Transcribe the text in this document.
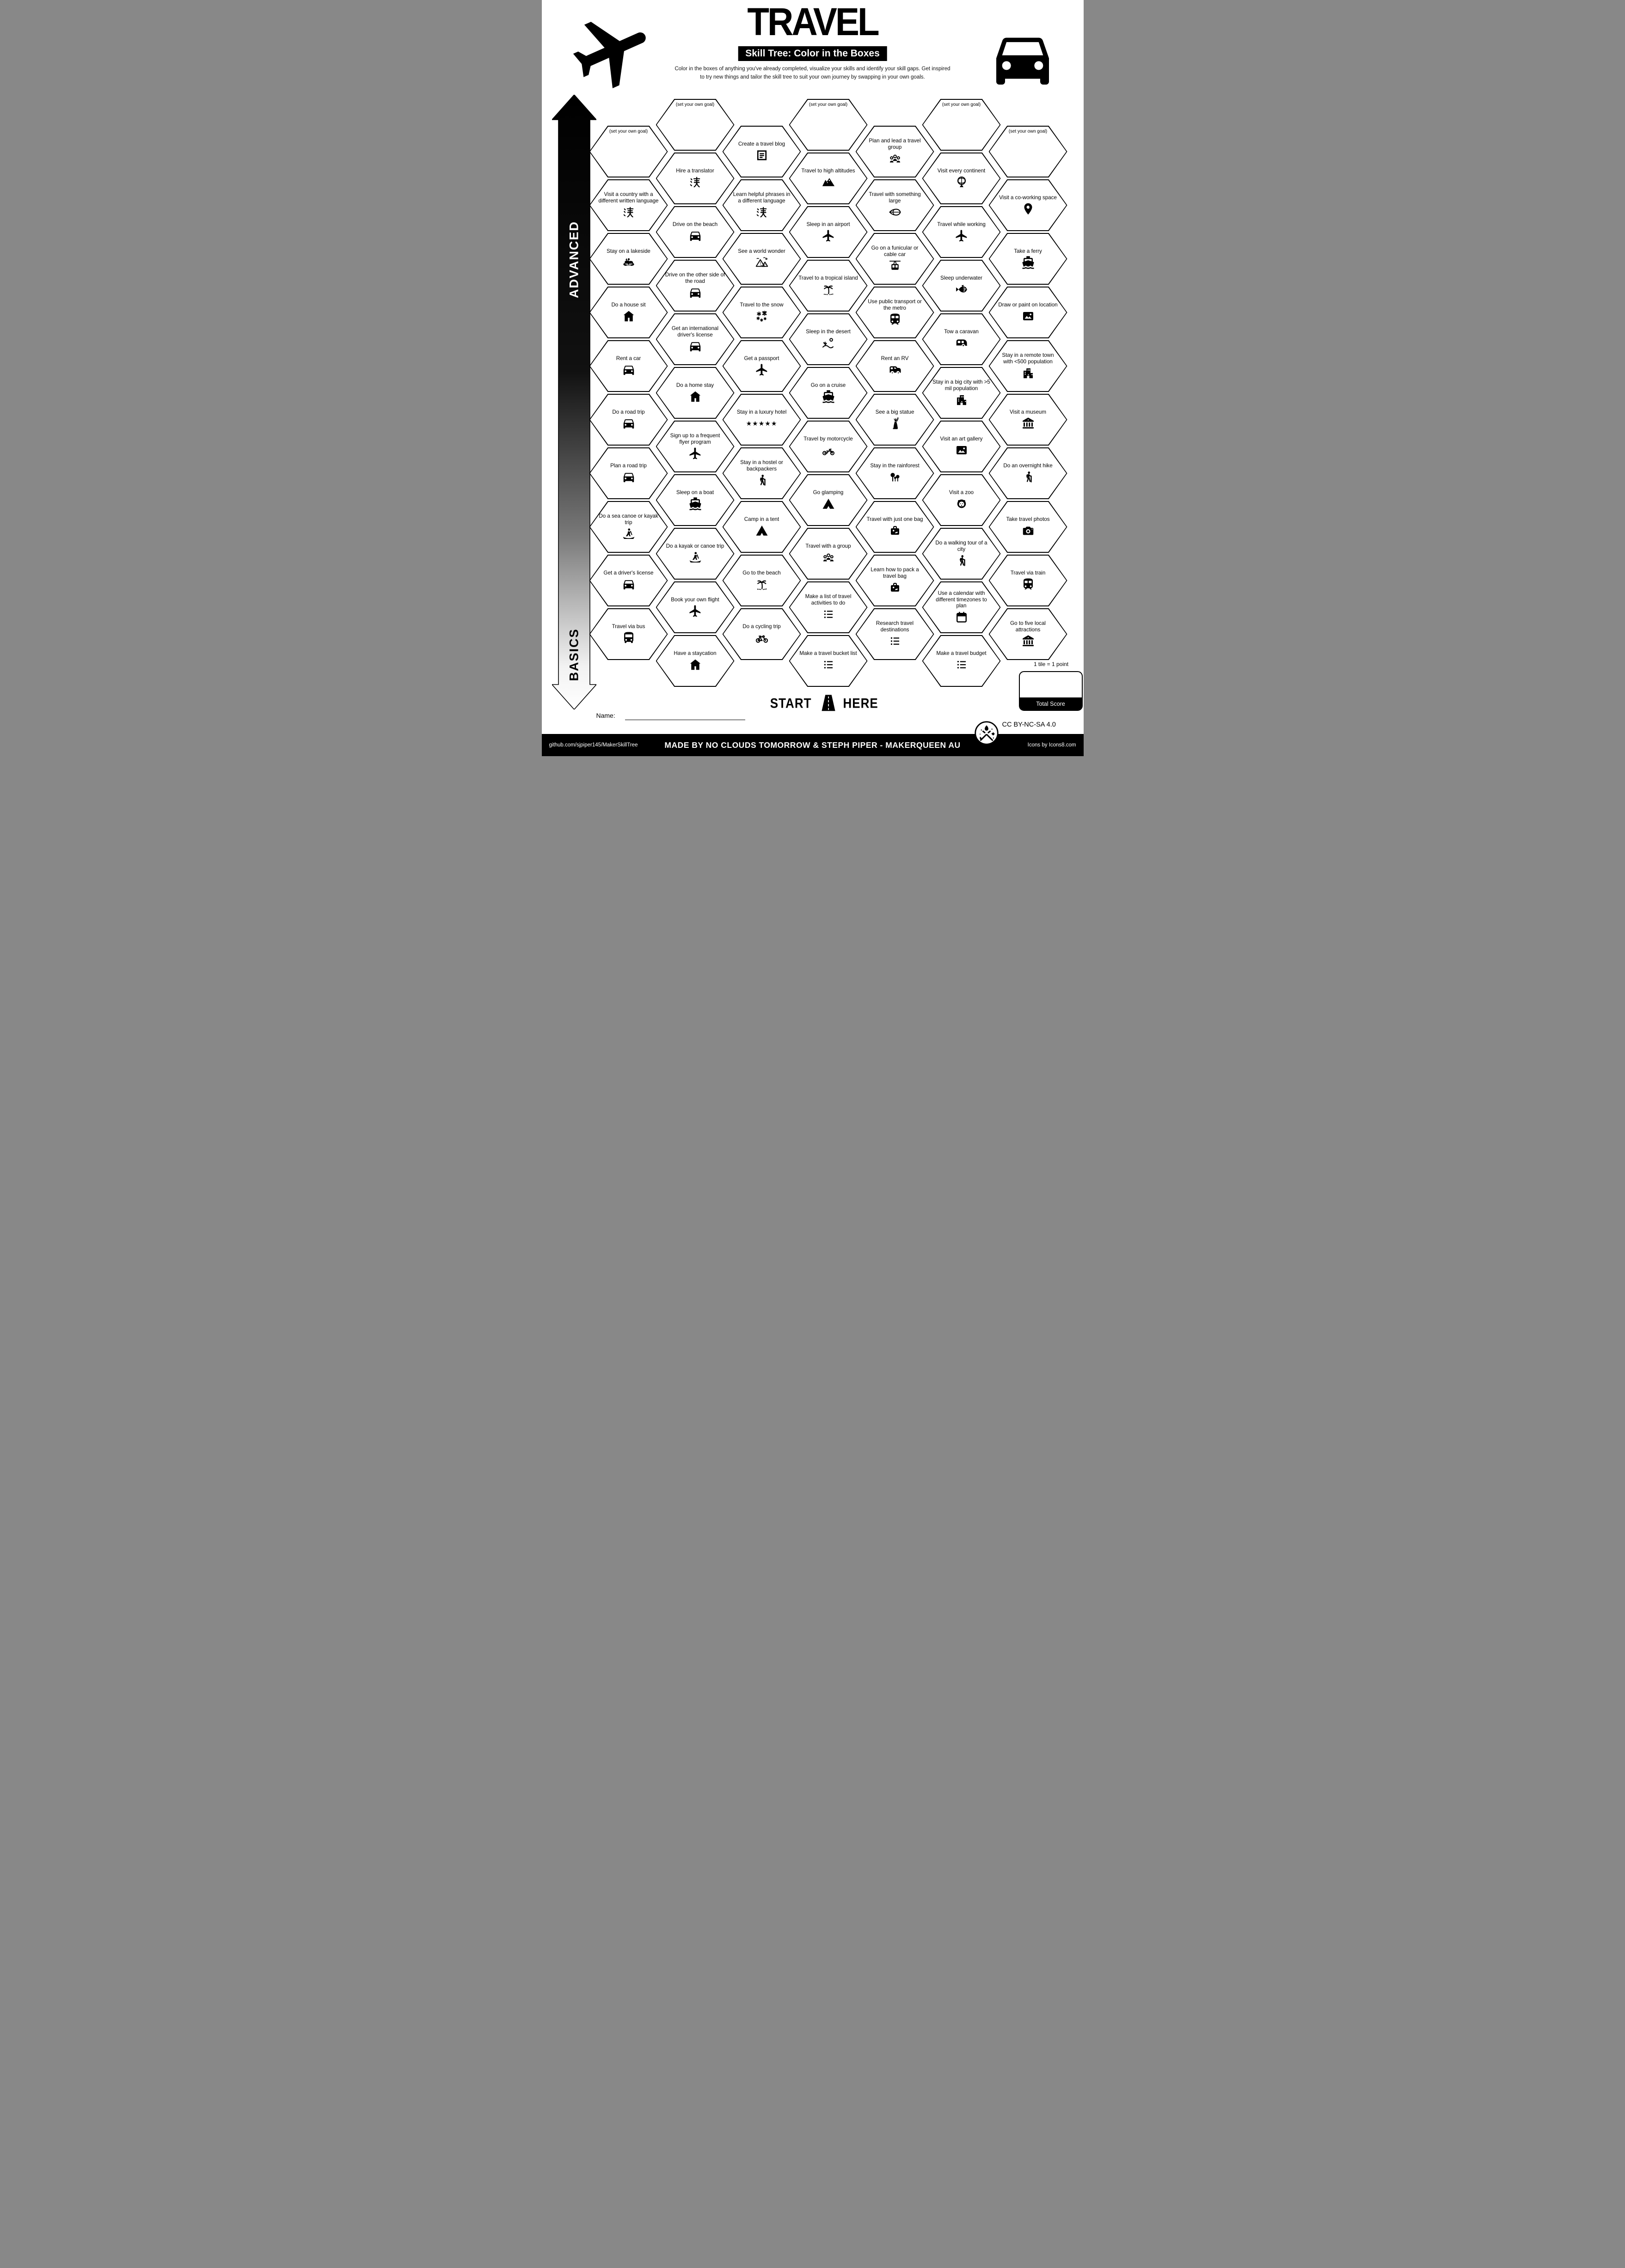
TRAVEL
Skill Tree: Color in the Boxes
Color in the boxes of anything you've already completed, visualize your skills and identify your skill gaps. Get inspired
to try new things and tailor the skill tree to suit your own journey by swapping in your own goals.
ADVANCED
BASICS
(set your own goal)
Visit a country with a different written language
Stay on a lakeside
Do a house sit
Rent a car
Do a road trip
Plan a road trip
Do a sea canoe or kayak trip
Get a driver's license
Travel via bus
(set your own goal)
Hire a translator
Drive on the beach
Drive on the other side of the road
Get an international driver's license
Do a home stay
Sign up to a frequent flyer program
Sleep on a boat
Do a kayak or canoe trip
Book your own flight
Have a staycation
Create a travel blog
Learn helpful phrases in a different language
See a world wonder
Travel to the snow
Get a passport
Stay in a luxury hotel
★★★★★
Stay in a hostel or backpackers
Camp in a tent
Go to the beach
Do a cycling trip
(set your own goal)
Travel to high altitudes
Sleep in an airport
Travel to a tropical island
Sleep in the desert
Go on a cruise
Travel by motorcycle
Go glamping
Travel with a group
Make a list of travel activities to do
Make a travel bucket list
Plan and lead a travel group
Travel with something large
Go on a funicular or cable car
Use public transport or the metro
Rent an RV
See a big statue
Stay in the rainforest
Travel with just one bag
Learn how to pack a travel bag
Research travel destinations
(set your own goal)
Visit every continent
Travel while working
Sleep underwater
Tow a caravan
Stay in a big city with >5 mil population
Visit an art gallery
Visit a zoo
Do a walking tour of a city
Use a calendar with different timezones to plan
Make a travel budget
(set your own goal)
Visit a co-working space
Take a ferry
Draw or paint on location
Stay in a remote town with <500 population
Visit a museum
Do an overnight hike
Take travel photos
Travel via train
Go to five local attractions
START	HERE
Name:
1 tile = 1 point
Total Score
CC BY-NC-SA 4.0
github.com/sjpiper145/MakerSkillTree	MADE BY NO CLOUDS TOMORROW & STEPH PIPER - MAKERQUEEN AU	Icons by Icons8.com
